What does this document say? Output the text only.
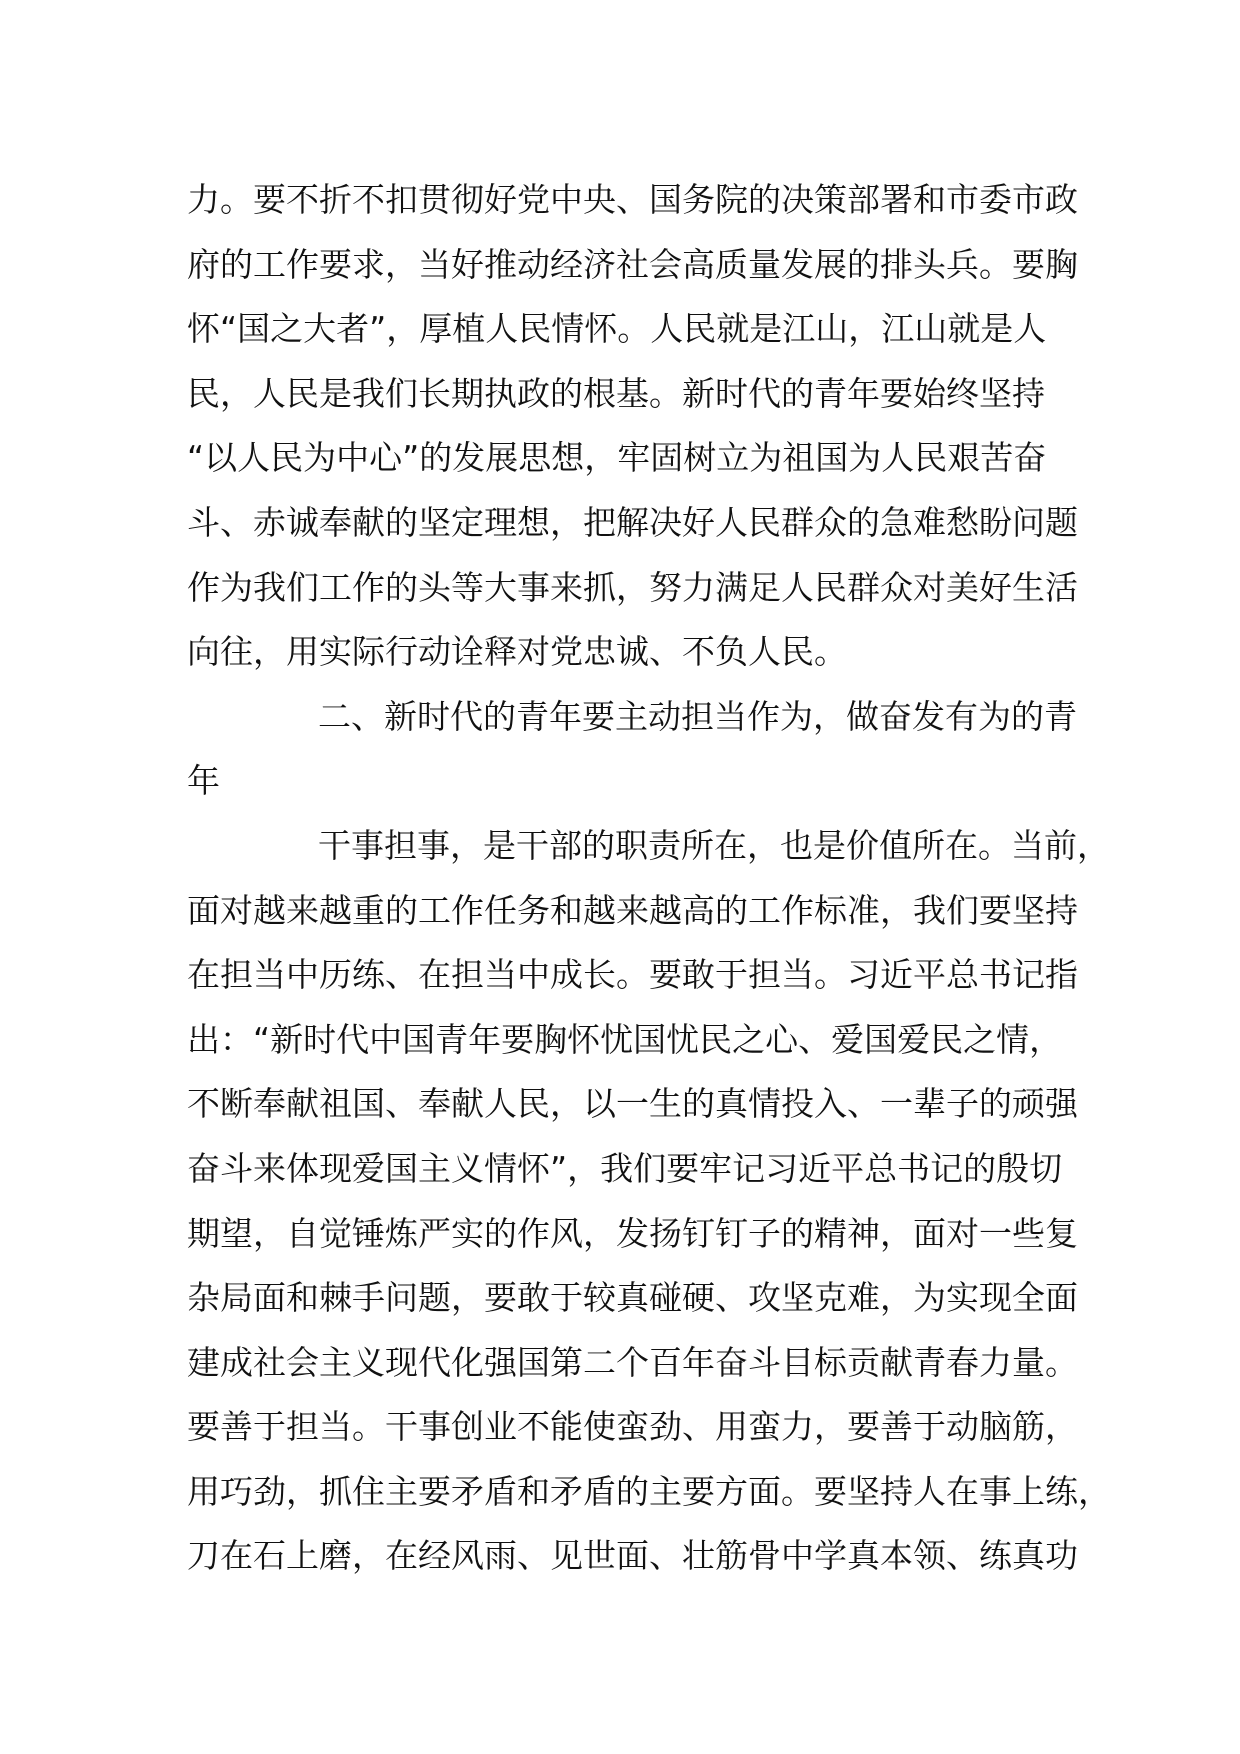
力。要不折不扣贯彻好党中央、国务院的决策部署和市委市政
府的工作要求，当好推动经济社会高质量发展的排头兵。要胸
怀“国之大者”，厚植人民情怀。人民就是江山，江山就是人
民，人民是我们长期执政的根基。新时代的青年要始终坚持
“以人民为中心”的发展思想，牢固树立为祖国为人民艰苦奋
斗、赤诚奉献的坚定理想，把解决好人民群众的急难愁盼问题
作为我们工作的头等大事来抓，努力满足人民群众对美好生活
向往，用实际行动诠释对党忠诚、不负人民。
二、新时代的青年要主动担当作为，做奋发有为的青
年
干事担事，是干部的职责所在，也是价值所在。当前，
面对越来越重的工作任务和越来越高的工作标准，我们要坚持
在担当中历练、在担当中成长。要敢于担当。习近平总书记指
出：“新时代中国青年要胸怀忧国忧民之心、爱国爱民之情，
不断奉献祖国、奉献人民，以一生的真情投入、一辈子的顽强
奋斗来体现爱国主义情怀”，我们要牢记习近平总书记的殷切
期望，自觉锤炼严实的作风，发扬钉钉子的精神，面对一些复
杂局面和棘手问题，要敢于较真碰硬、攻坚克难，为实现全面
建成社会主义现代化强国第二个百年奋斗目标贡献青春力量。
要善于担当。干事创业不能使蛮劲、用蛮力，要善于动脑筋，
用巧劲，抓住主要矛盾和矛盾的主要方面。要坚持人在事上练，
刀在石上磨，在经风雨、见世面、壮筋骨中学真本领、练真功
